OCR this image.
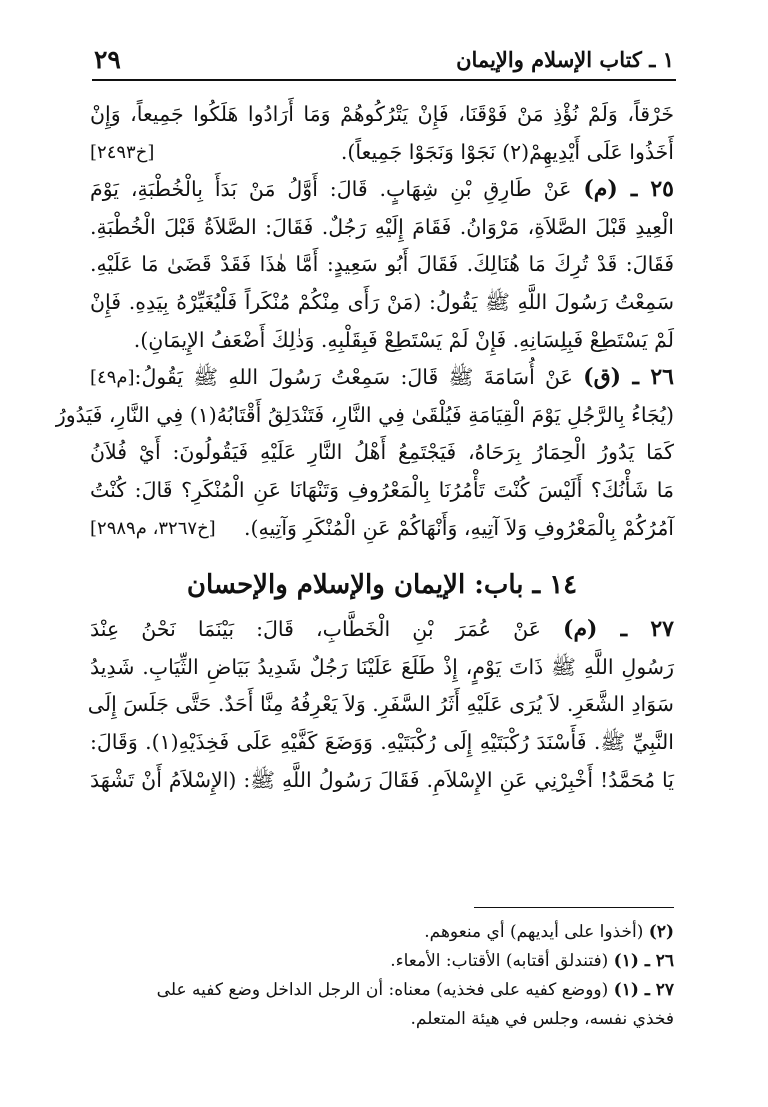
١ ـ كتاب الإسلام والإيمان
٢٩
خَرْقاً، وَلَمْ نُؤْذِ مَنْ فَوْقَنَا، فَإِنْ يَتْرُكُوهُمْ وَمَا أَرَادُوا هَلَكُوا جَمِيعاً، وَإِنْ
أَخَذُوا عَلَى أَيْدِيهِمْ(٢) نَجَوْا وَنَجَوْا جَمِيعاً).
[خ٢٤٩٣]
٢٥ ـ (م) عَنْ طَارِقِ بْنِ شِهَابٍ. قَالَ: أَوَّلُ مَنْ بَدَأَ بِالْخُطْبَةِ، يَوْمَ
الْعِيدِ قَبْلَ الصَّلاَةِ، مَرْوَانُ. فَقَامَ إِلَيْهِ رَجُلٌ. فَقَالَ: الصَّلاَةُ قَبْلَ الْخُطْبَةِ.
فَقَالَ: قَدْ تُرِكَ مَا هُنَالِكَ. فَقَالَ أَبُو سَعِيدٍ: أَمَّا هٰذَا فَقَدْ قَضَىٰ مَا عَلَيْهِ.
سَمِعْتُ رَسُولَ اللَّهِ ﷺ يَقُولُ: (مَنْ رَأَى مِنْكُمْ مُنْكَراً فَلْيُغَيِّرْهُ بِيَدِهِ. فَإِنْ
لَمْ يَسْتَطِعْ فَبِلِسَانِهِ. فَإِنْ لَمْ يَسْتَطِعْ فَبِقَلْبِهِ. وَذٰلِكَ أَضْعَفُ الإِيمَانِ).
[م٤٩]	٢٦ ـ (ق) عَنْ أُسَامَةَ ﷺ قَالَ: سَمِعْتُ رَسُولَ اللهِ ﷺ يَقُولُ:
(يُجَاءُ بِالرَّجُلِ يَوْمَ الْقِيَامَةِ فَيُلْقَىٰ فِي النَّارِ، فَتَنْدَلِقُ أَقْتَابُهُ(١) فِي النَّارِ، فَيَدُورُ
كَمَا يَدُورُ الْحِمَارُ بِرَحَاهُ، فَيَجْتَمِعُ أَهْلُ النَّارِ عَلَيْهِ فَيَقُولُونَ: أَيْ فُلاَنُ
مَا شَأْنُكَ؟ أَلَيْسَ كُنْتَ تَأْمُرُنَا بِالْمَعْرُوفِ وَتَنْهَانَا عَنِ الْمُنْكَرِ؟ قَالَ: كُنْتُ
آمُرُكُمْ بِالْمَعْرُوفِ وَلاَ آتِيهِ، وَأَنْهَاكُمْ عَنِ الْمُنْكَرِ وَآتِيهِ).
[خ٣٢٦٧، م٢٩٨٩]
١٤ ـ باب: الإيمان والإسلام والإحسان
٢٧ ـ (م) عَنْ عُمَرَ بْنِ الْخَطَّابِ، قَالَ: بَيْنَمَا نَحْنُ عِنْدَ
رَسُولِ اللَّهِ ﷺ ذَاتَ يَوْمٍ، إِذْ طَلَعَ عَلَيْنَا رَجُلٌ شَدِيدُ بَيَاضِ الثِّيَابِ. شَدِيدُ
سَوَادِ الشَّعَرِ. لاَ يُرَى عَلَيْهِ أَثَرُ السَّفَرِ. وَلاَ يَعْرِفُهُ مِنَّا أَحَدٌ. حَتَّى جَلَسَ إِلَى
النَّبِيِّ ﷺ. فَأَسْنَدَ رُكْبَتَيْهِ إِلَى رُكْبَتَيْهِ. وَوَضَعَ كَفَّيْهِ عَلَى فَخِذَيْهِ(١). وَقَالَ:
يَا مُحَمَّدُ! أَخْبِرْنِي عَنِ الإِسْلاَمِ. فَقَالَ رَسُولُ اللَّهِ ﷺ: (الإِسْلاَمُ أَنْ تَشْهَدَ
(٢) (أخذوا على أيديهم) أي منعوهم.
٢٦ ـ (١) (فتندلق أقتابه) الأقتاب: الأمعاء.
٢٧ ـ (١) (ووضع كفيه على فخذيه) معناه: أن الرجل الداخل وضع كفيه على
فخذي نفسه، وجلس في هيئة المتعلم.
